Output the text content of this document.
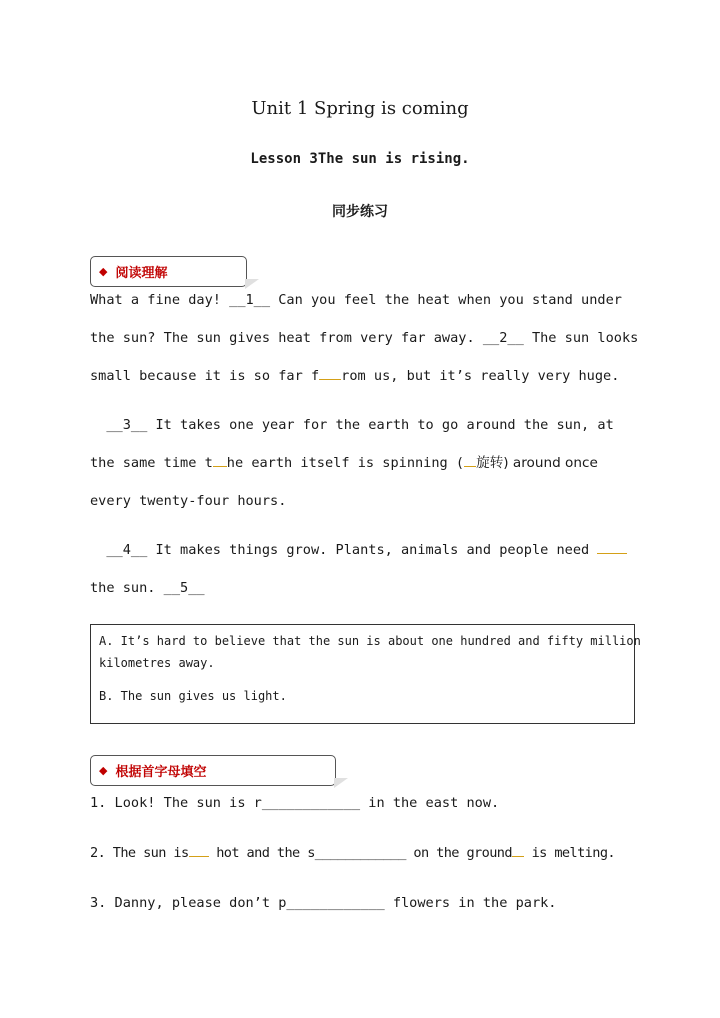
Unit 1 Spring is coming
Lesson 3The sun is rising.
同步练习
◆ 阅读理解
What a fine day! __1__ Can you feel the heat when you stand under
the sun? The sun gives heat from very far away. __2__ The sun looks
small because it is so far f rom us, but it’s really very huge.
__3__ It takes one year for the earth to go around the sun, at
the same time t he earth itself is spinning ( 旋转) around once
every twenty-four hours.
__4__ It makes things grow. Plants, animals and people need
the sun. __5__
A. It’s hard to believe that the sun is about one hundred and fifty million
kilometres away.
B. The sun gives us light.
◆ 根据首字母填空
1. Look! The sun is r____________ in the east now.
2. The sun is hot and the s____________ on the ground is melting.
3. Danny, please don’t p____________ flowers in the park.
